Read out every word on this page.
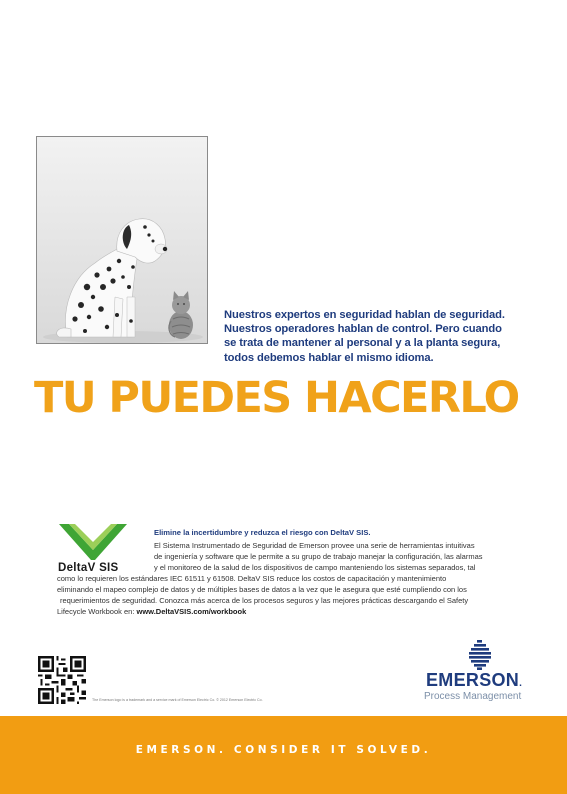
Nuestros expertos en seguridad hablan de seguridad.
Nuestros operadores hablan de control. Pero cuando
se trata de mantener al personal y a la planta segura,
todos debemos hablar el mismo idioma.
TU PUEDES HACERLO
DeltaV SIS
Elimine la incertidumbre y reduzca el riesgo con DeltaV SIS.
El Sistema Instrumentado de Seguridad de Emerson provee una serie de herramientas intuitivas
de ingeniería y software que le permite a su grupo de trabajo manejar la configuración, las alarmas
y el monitoreo de la salud de los dispositivos de campo manteniendo los sistemas separados, tal
como lo requieren los estándares IEC 61511 y 61508. DeltaV SIS reduce los costos de capacitación y mantenimiento
eliminando el mapeo complejo de datos y de múltiples bases de datos a la vez que le asegura que esté cumpliendo con los
requerimientos de seguridad. Conozca más acerca de los procesos seguros y las mejores prácticas descargando el Safety
Lifecycle Workbook en: www.DeltaVSIS.com/workbook
The Emerson logo is a trademark and a service mark of Emerson Electric Co. © 2012 Emerson Electric Co.
EMERSON.
Process Management
EMERSON. CONSIDER IT SOLVED.
